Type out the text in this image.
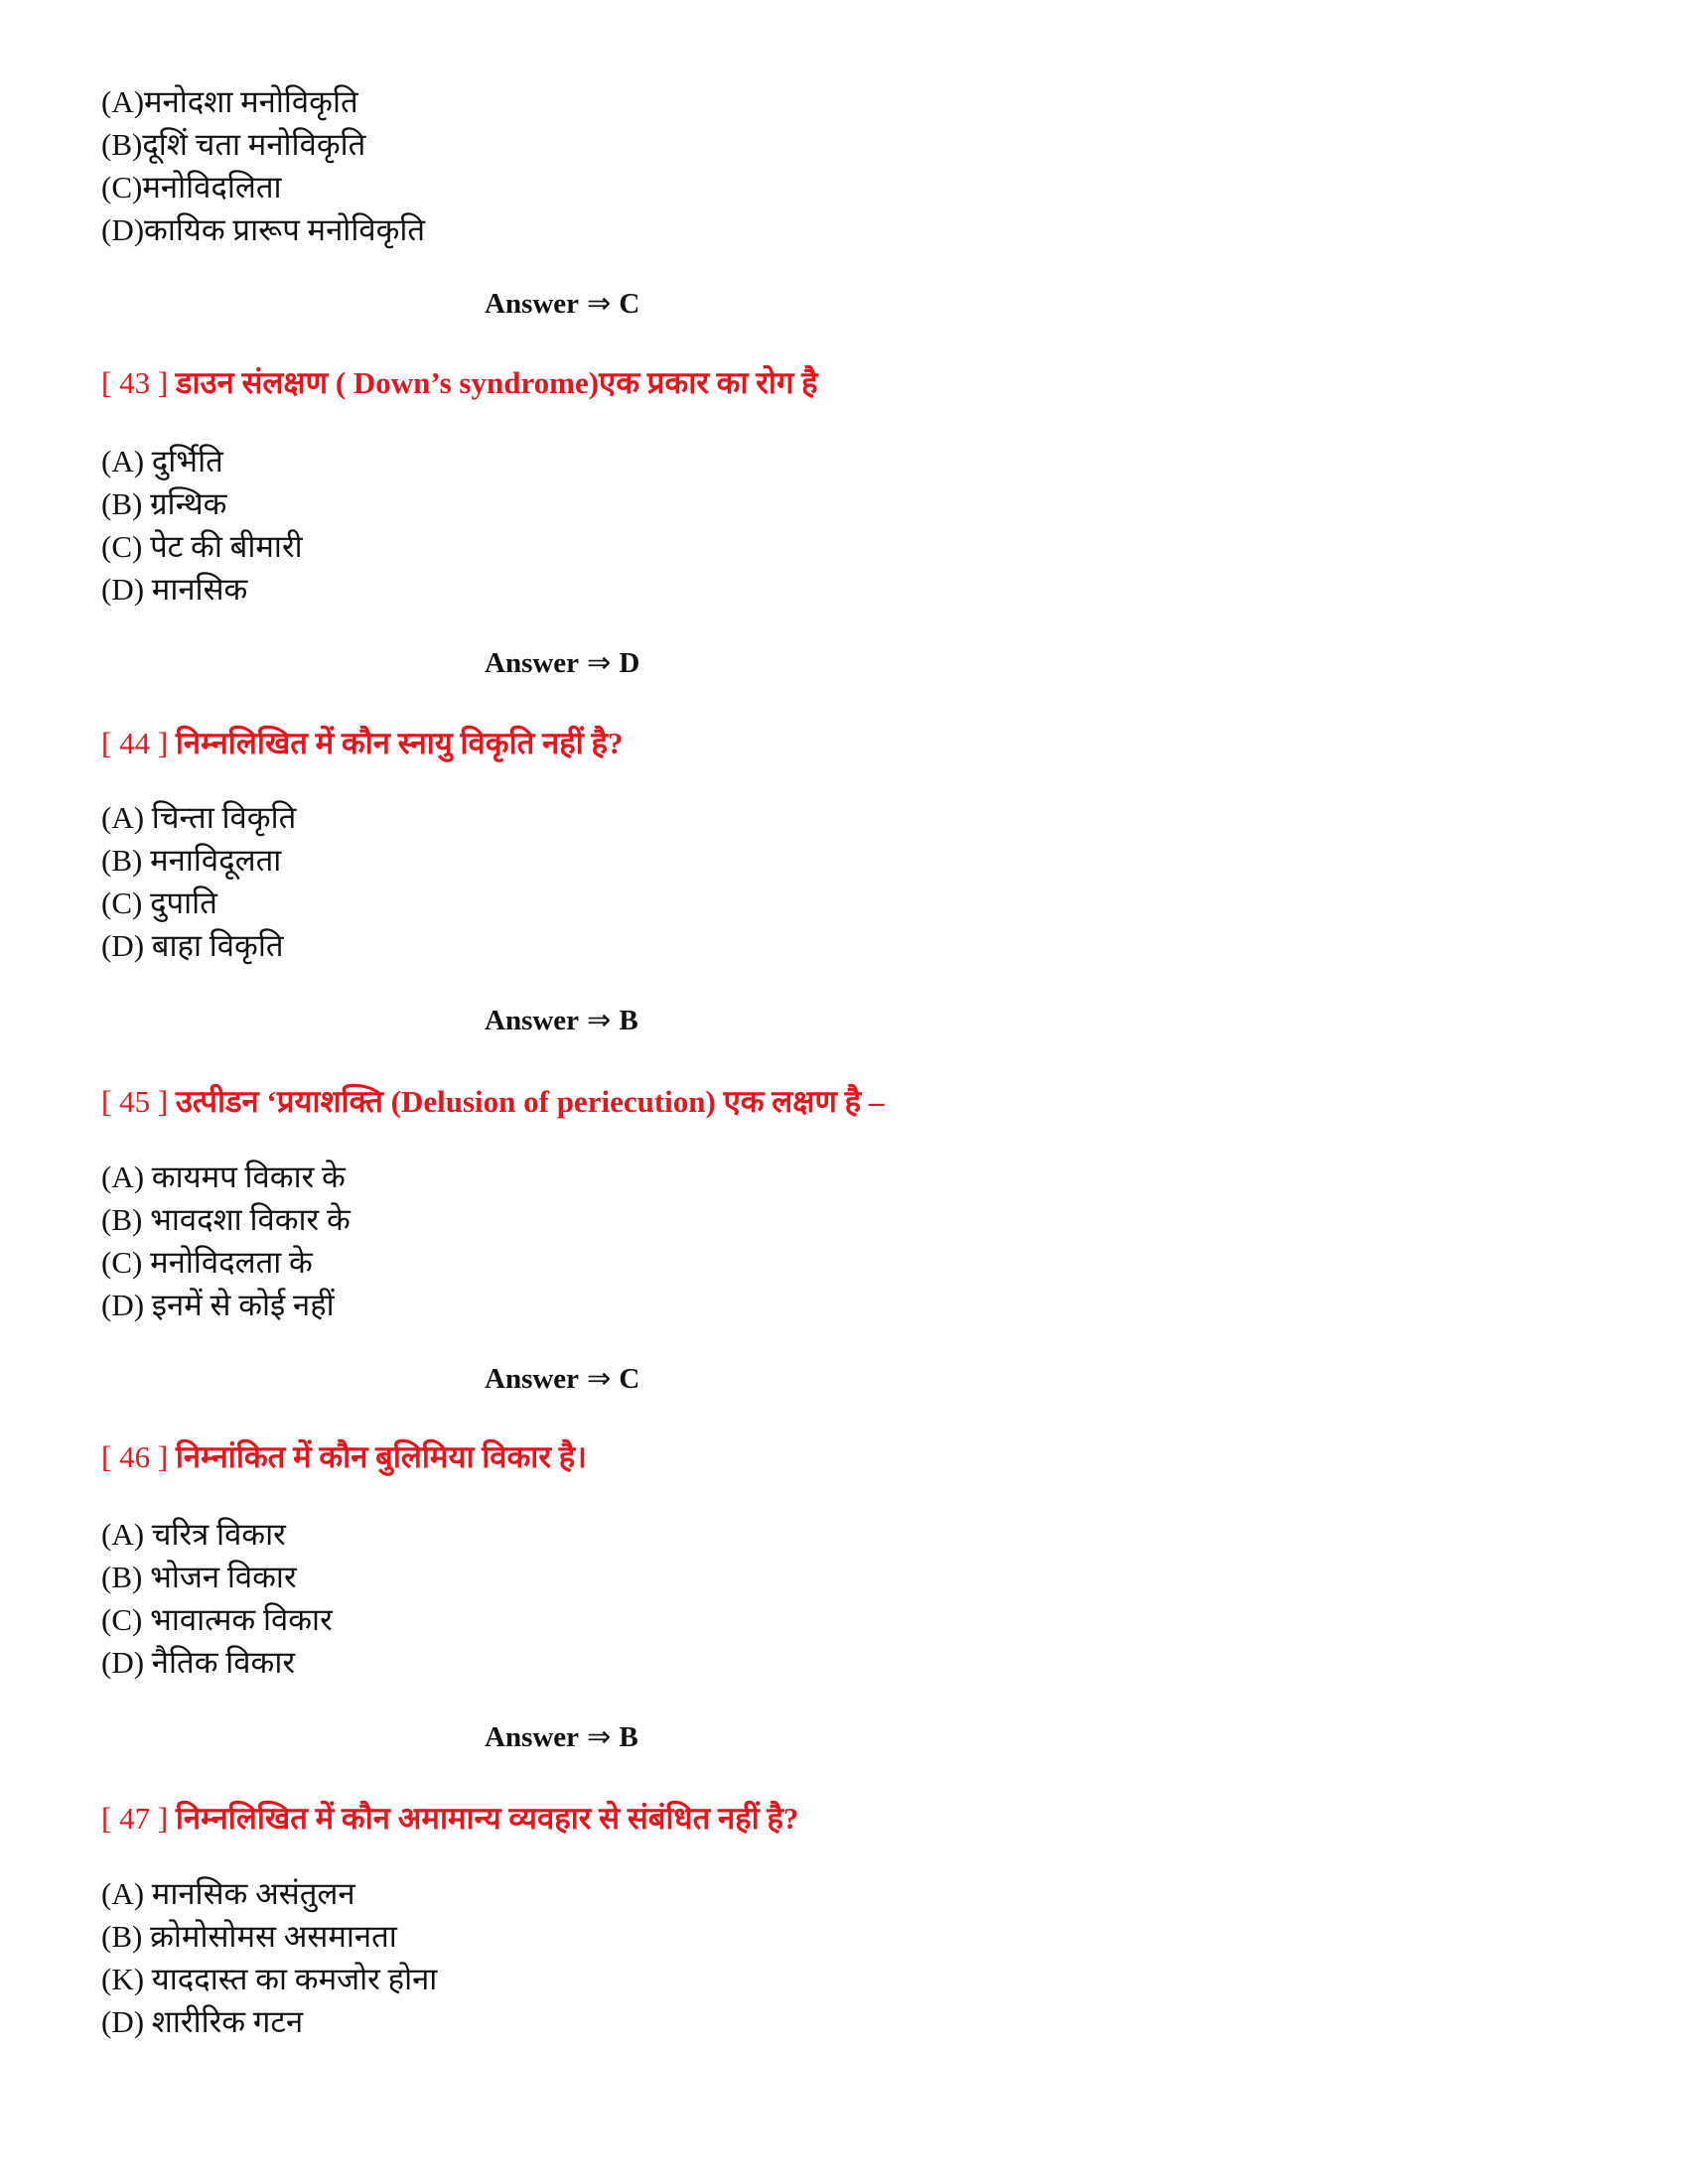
(A)मनोदशा मनोविकृति
(B)दूशिं चता मनोविकृति
(C)मनोविदलिता
(D)कायिक प्रारूप मनोविकृति
Answer ⇒ C
[ 43 ] डाउन संलक्षण ( Down’s syndrome)एक प्रकार का रोग है
(A) दुर्भिति
(B) ग्रन्थिक
(C) पेट की बीमारी
(D) मानसिक
Answer ⇒ D
[ 44 ] निम्नलिखित में कौन स्नायु विकृति नहीं है?
(A) चिन्ता विकृति
(B) मनाविदूलता
(C) दुपाति
(D) बाहा विकृति
Answer ⇒ B
[ 45 ] उत्पीडन ‘प्रयाशक्ति (Delusion of periecution) एक लक्षण है –
(A) कायमप विकार के
(B) भावदशा विकार के
(C) मनोविदलता के
(D) इनमें से कोई नहीं
Answer ⇒ C
[ 46 ] निम्नांकित में कौन बुलिमिया विकार है।
(A) चरित्र विकार
(B) भोजन विकार
(C) भावात्मक विकार
(D) नैतिक विकार
Answer ⇒ B
[ 47 ] निम्नलिखित में कौन अमामान्य व्यवहार से संबंधित नहीं है?
(A) मानसिक असंतुलन
(B) क्रोमोसोमस असमानता
(K) याददास्त का कमजोर होना
(D) शारीरिक गटन
